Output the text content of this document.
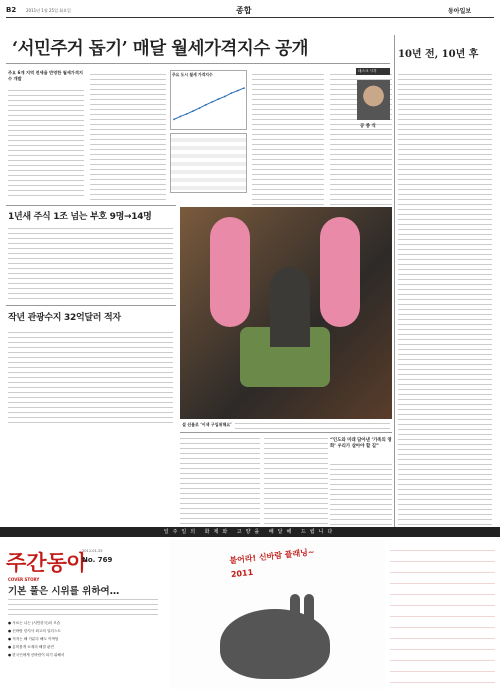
B2 2011년 1월 25일 화요일	종합	동아일보
‘서민주거 돕기’ 매달 월세가격지수 공개
주요 6개 지역 전세율 반영한 월세가격지수 개발
주요 도시 월세 가격지수
10년 전, 10년 후
데스크 시각
공 종 식
1년새 주식 1조 넘는 부호 9명→14명
작년 관광수지 32억달러 적자
설 선물로 ‘이색 구입위해요’
“인도와 미래 담아낸 ‘가족의 영화’ 우리가 살아야 할 길”
일주일의 화제와 고양을 배달해 드립니다
주간동아
2011.01.25
No. 769
COVER STORY
기본 풀은 시위를 위하여…
● 사료는 나는 (서민한국)의 모습
● 신바람 한지사 최고의 일러스트
● 적자는 해 가분다 해도 이색팀
● 흥미롭게 소재의 해결 판견
● 한국인에게 신바람이 되기 위해서
불어라! 신바람 플래닝~ 2011
